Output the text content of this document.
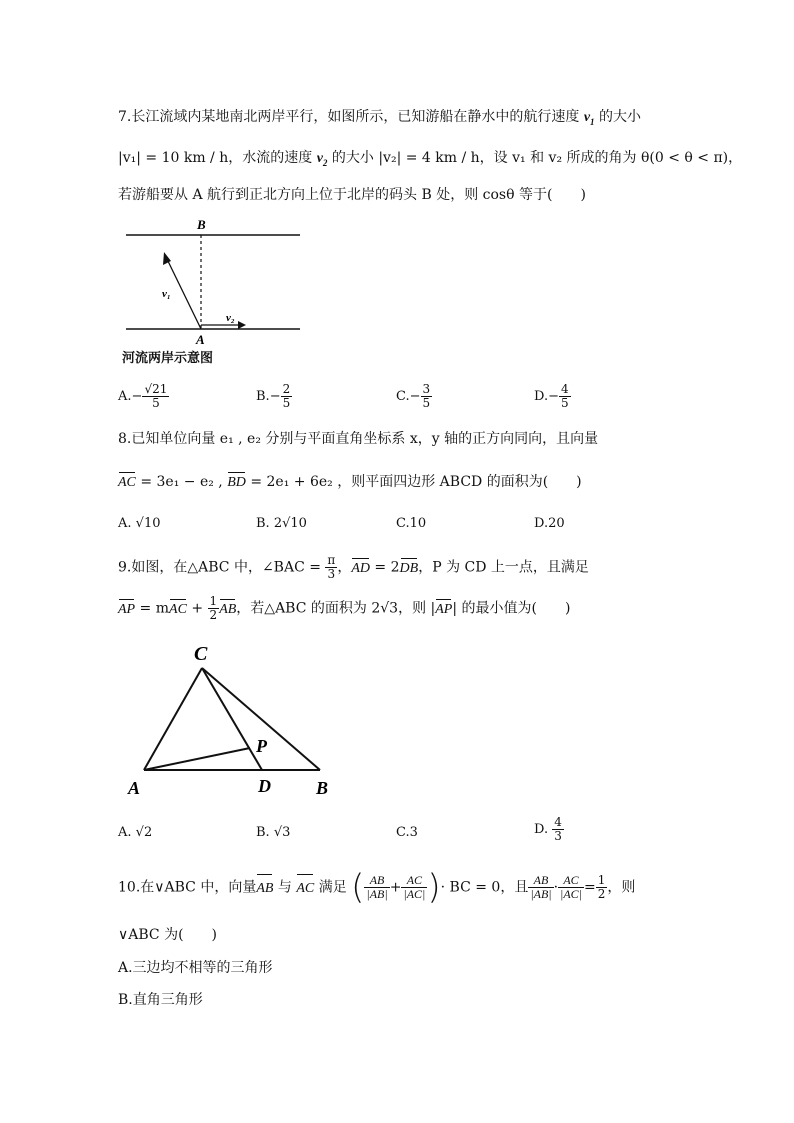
7.长江流域内某地南北两岸平行，如图所示，已知游船在静水中的航行速度 $v_1$ 的大小
|v₁| = 10 km / h，水流的速度 $v_2$ 的大小 |v₂| = 4 km / h，设 v₁ 和 v₂ 所成的角为 θ(0 < θ < π)，
若游船要从 A 航行到正北方向上位于北岸的码头 B 处，则 cosθ 等于(　　)
B
A
v₁
v₂
河流两岸示意图
$A.- \frac{√21}{5}$	$B.- \frac{2}{5}$	$C.- \frac{3}{5}$	$D.- \frac{4}{5}$
8.已知单位向量 e₁ , e₂ 分别与平面直角坐标系 x，y 轴的正方向同向，且向量
AC = 3e₁ − e₂ , BD = 2e₁ + 6e₂ ，则平面四边形 ABCD 的面积为(　　)
A. √10	B. 2√10	C.10	D.20
9.如图，在△ABC 中，∠BAC = $\frac{\pi}{3}$ ，AD = 2DB，P 为 CD 上一点，且满足
AP = mAC + $\frac{1}{2}$ AB，若△ABC 的面积为 2√3，则 |AP| 的最小值为(　　)
C
P
A	D	B
A. √2	B. √3	C.3	D. $\frac{4}{3}$
10.在∨ABC 中，向量AB 与 AC 满足 ( $\frac{AB}{|AB|} + \frac{AC}{|AC|}$ )· BC = 0，且 $\frac{AB}{|AB|} \cdot \frac{AC}{|AC|} = \frac{1}{2}$ ，则
∨ABC 为(　　)
A.三边均不相等的三角形
B.直角三角形
